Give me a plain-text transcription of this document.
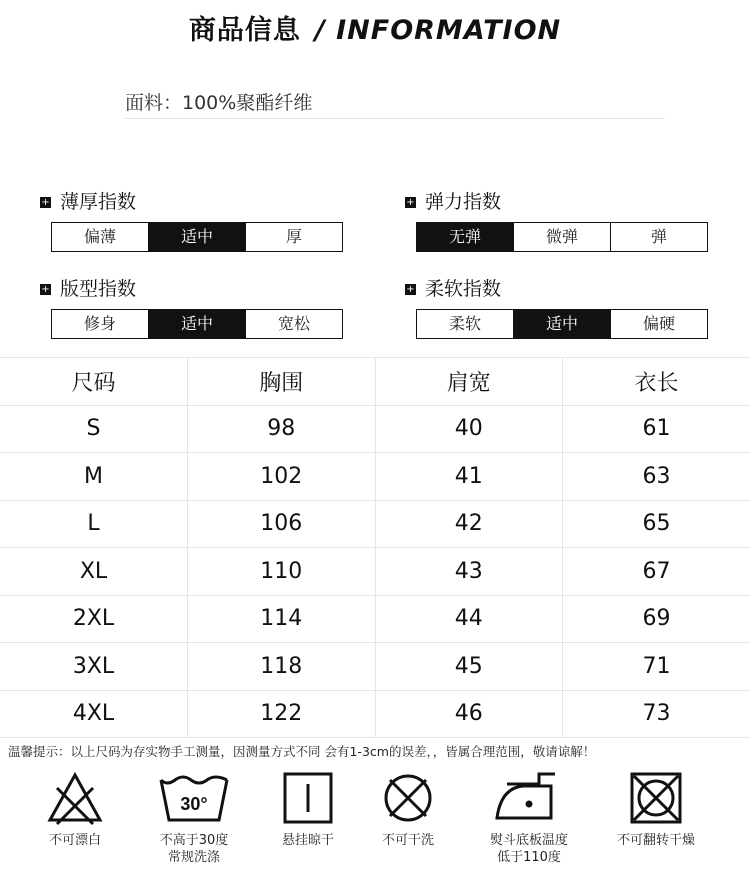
商品信息 / INFORMATION
面料：100%聚酯纤维
+ 薄厚指数
偏薄	适中	厚
+ 弹力指数
无弹	微弹	弹
+ 版型指数
修身	适中	宽松
+ 柔软指数
柔软	适中	偏硬
尺码	胸围	肩宽	衣长
S	98	40	61
M	102	41	63
L	106	42	65
XL	110	43	67
2XL	114	44	69
3XL	118	45	71
4XL	122	46	73
温馨提示：以上尺码为存实物手工测量，因测量方式不同 会有1-3cm的误差，，皆属合理范围，敬请谅解！
不可漂白
30°
不高于30度
常规洗涤
悬挂晾干	不可干洗	熨斗底板温度
低于110度
不可翻转干燥
